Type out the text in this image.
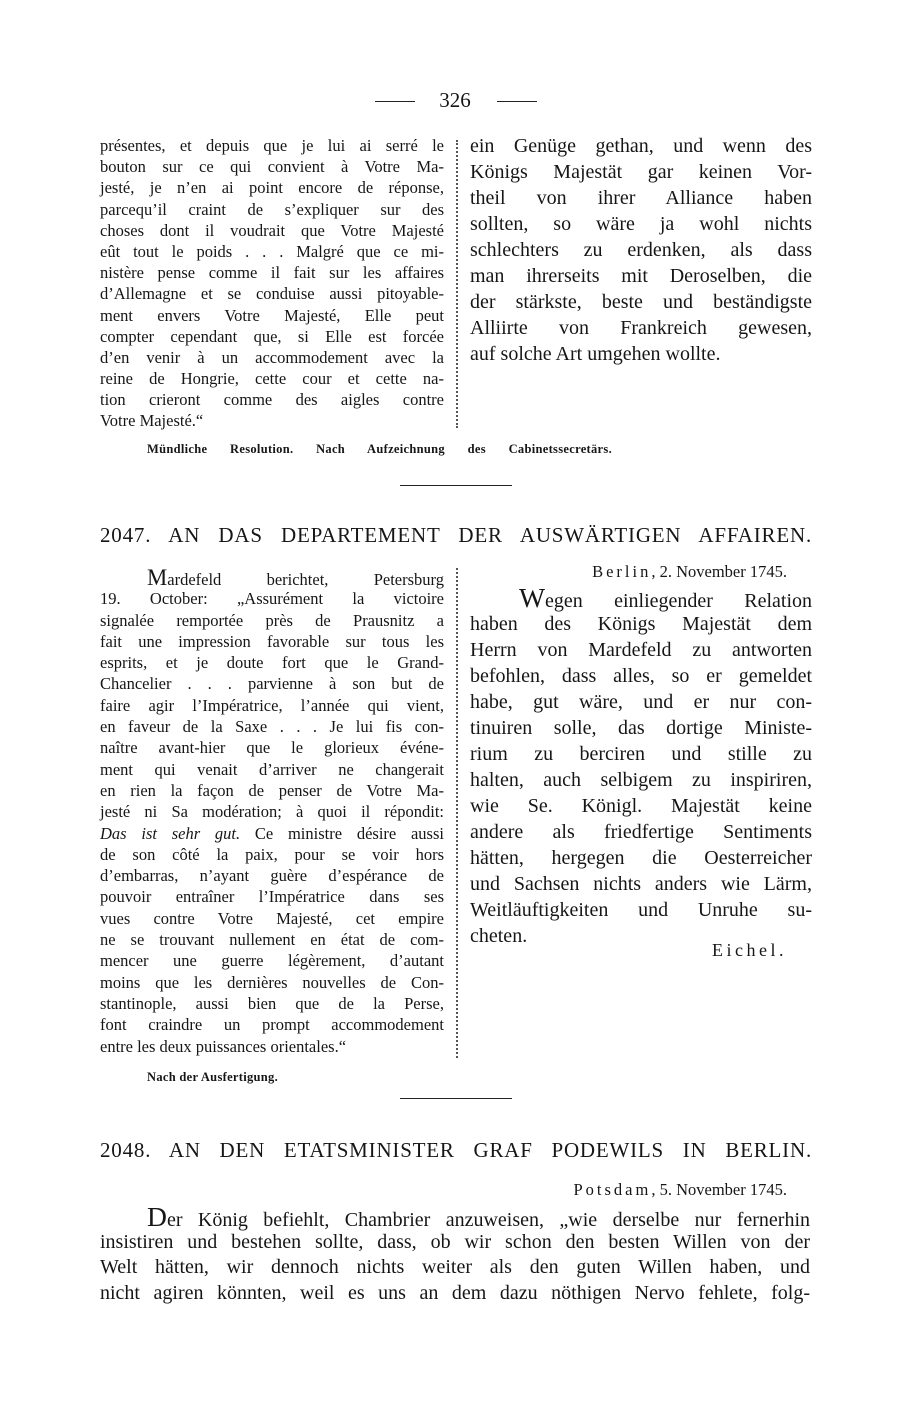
326
présentes, et depuis que je lui ai serré le
bouton sur ce qui convient à Votre Ma-
jesté, je n’en ai point encore de réponse,
parcequ’il craint de s’expliquer sur des
choses dont il voudrait que Votre Majesté
eût tout le poids . . . Malgré que ce mi-
nistère pense comme il fait sur les affaires
d’Allemagne et se conduise aussi pitoyable-
ment envers Votre Majesté, Elle peut
compter cependant que, si Elle est forcée
d’en venir à un accommodement avec la
reine de Hongrie, cette cour et cette na-
tion crieront comme des aigles contre
Votre Majesté.“
ein Genüge gethan, und wenn des
Königs Majestät gar keinen Vor-
theil von ihrer Alliance haben
sollten, so wäre ja wohl nichts
schlechters zu erdenken, als dass
man ihrerseits mit Deroselben, die
der stärkste, beste und beständigste
Alliirte von Frankreich gewesen,
auf solche Art umgehen wollte.
Mündliche Resolution. Nach Aufzeichnung des Cabinetssecretärs.
2047. AN DAS DEPARTEMENT DER AUSWÄRTIGEN AFFAIREN.
Mardefeld berichtet, Petersburg
19. October: „Assurément la victoire
signalée remportée près de Prausnitz a
fait une impression favorable sur tous les
esprits, et je doute fort que le Grand-
Chancelier . . . parvienne à son but de
faire agir l’Impératrice, l’année qui vient,
en faveur de la Saxe . . . Je lui fis con-
naître avant-hier que le glorieux événe-
ment qui venait d’arriver ne changerait
en rien la façon de penser de Votre Ma-
jesté ni Sa modération; à quoi il répondit:
Das ist sehr gut. Ce ministre désire aussi
de son côté la paix, pour se voir hors
d’embarras, n’ayant guère d’espérance de
pouvoir entraîner l’Impératrice dans ses
vues contre Votre Majesté, cet empire
ne se trouvant nullement en état de com-
mencer une guerre légèrement, d’autant
moins que les dernières nouvelles de Con-
stantinople, aussi bien que de la Perse,
font craindre un prompt accommodement
entre les deux puissances orientales.“
Berlin, 2. November 1745.
Wegen einliegender Relation
haben des Königs Majestät dem
Herrn von Mardefeld zu antworten
befohlen, dass alles, so er gemeldet
habe, gut wäre, und er nur con-
tinuiren solle, das dortige Ministe-
rium zu berciren und stille zu
halten, auch selbigem zu inspiriren,
wie Se. Königl. Majestät keine
andere als friedfertige Sentiments
hätten, hergegen die Oesterreicher
und Sachsen nichts anders wie Lärm,
Weitläuftigkeiten und Unruhe su-
cheten.
Eichel.
Nach der Ausfertigung.
2048. AN DEN ETATSMINISTER GRAF PODEWILS IN BERLIN.
Potsdam, 5. November 1745.
Der König befiehlt, Chambrier anzuweisen, „wie derselbe nur fernerhin
insistiren und bestehen sollte, dass, ob wir schon den besten Willen von der
Welt hätten, wir dennoch nichts weiter als den guten Willen haben, und
nicht agiren könnten, weil es uns an dem dazu nöthigen Nervo fehlete, folg-
